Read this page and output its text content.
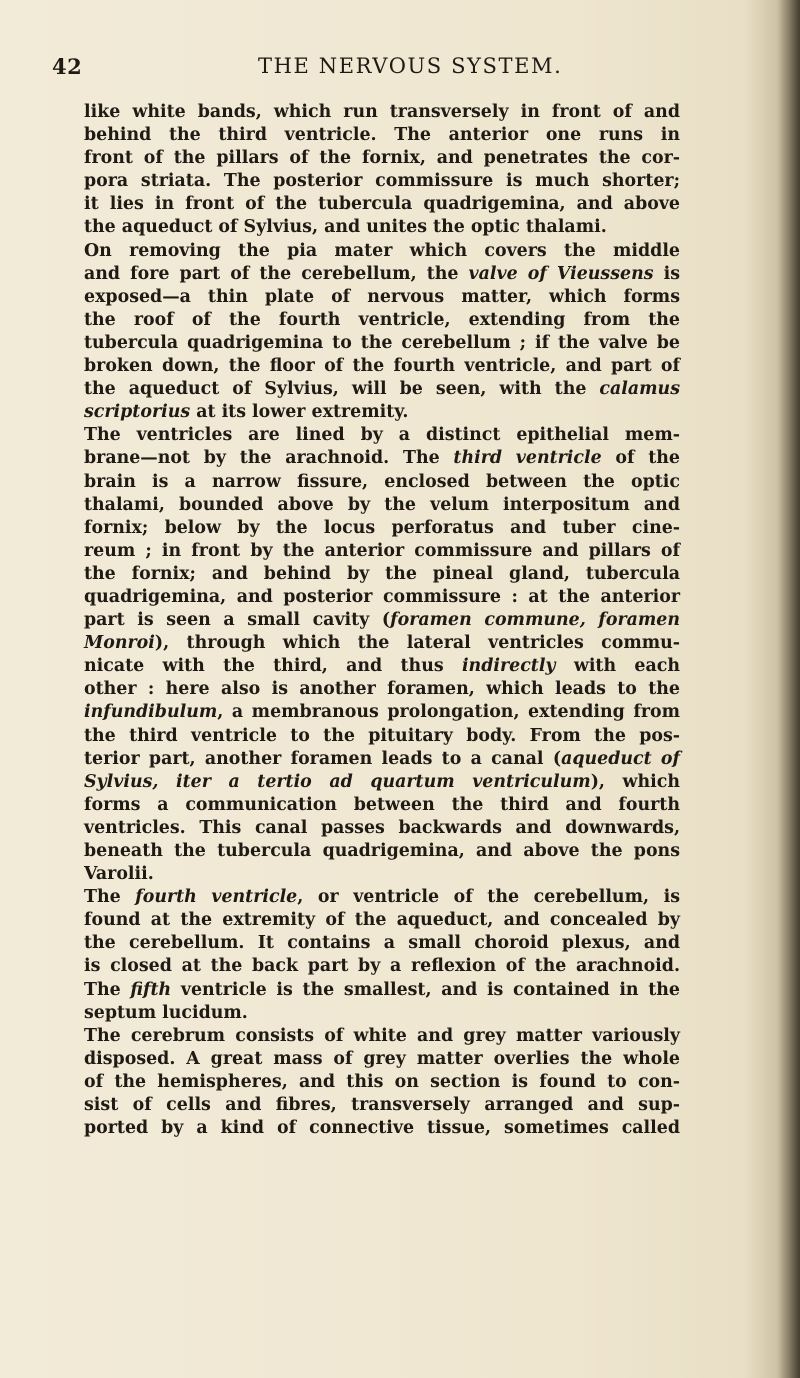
42	THE NERVOUS SYSTEM.
like white bands, which run transversely in front of and
behind the third ventricle. The anterior one runs in
front of the pillars of the fornix, and penetrates the cor-
pora striata. The posterior commissure is much shorter;
it lies in front of the tubercula quadrigemina, and above
the aqueduct of Sylvius, and unites the optic thalami.
On removing the pia mater which covers the middle
and fore part of the cerebellum, the valve of Vieussens is
exposed—a thin plate of nervous matter, which forms
the roof of the fourth ventricle, extending from the
tubercula quadrigemina to the cerebellum ; if the valve be
broken down, the floor of the fourth ventricle, and part of
the aqueduct of Sylvius, will be seen, with the calamus
scriptorius at its lower extremity.
The ventricles are lined by a distinct epithelial mem-
brane—not by the arachnoid. The third ventricle of the
brain is a narrow fissure, enclosed between the optic
thalami, bounded above by the velum interpositum and
fornix; below by the locus perforatus and tuber cine-
reum ; in front by the anterior commissure and pillars of
the fornix; and behind by the pineal gland, tubercula
quadrigemina, and posterior commissure : at the anterior
part is seen a small cavity (foramen commune, foramen
Monroi), through which the lateral ventricles commu-
nicate with the third, and thus indirectly with each
other : here also is another foramen, which leads to the
infundibulum, a membranous prolongation, extending from
the third ventricle to the pituitary body. From the pos-
terior part, another foramen leads to a canal (aqueduct of
Sylvius, iter a tertio ad quartum ventriculum), which
forms a communication between the third and fourth
ventricles. This canal passes backwards and downwards,
beneath the tubercula quadrigemina, and above the pons
Varolii.
The fourth ventricle, or ventricle of the cerebellum, is
found at the extremity of the aqueduct, and concealed by
the cerebellum. It contains a small choroid plexus, and
is closed at the back part by a reflexion of the arachnoid.
The fifth ventricle is the smallest, and is contained in the
septum lucidum.
The cerebrum consists of white and grey matter variously
disposed. A great mass of grey matter overlies the whole
of the hemispheres, and this on section is found to con-
sist of cells and fibres, transversely arranged and sup-
ported by a kind of connective tissue, sometimes called
